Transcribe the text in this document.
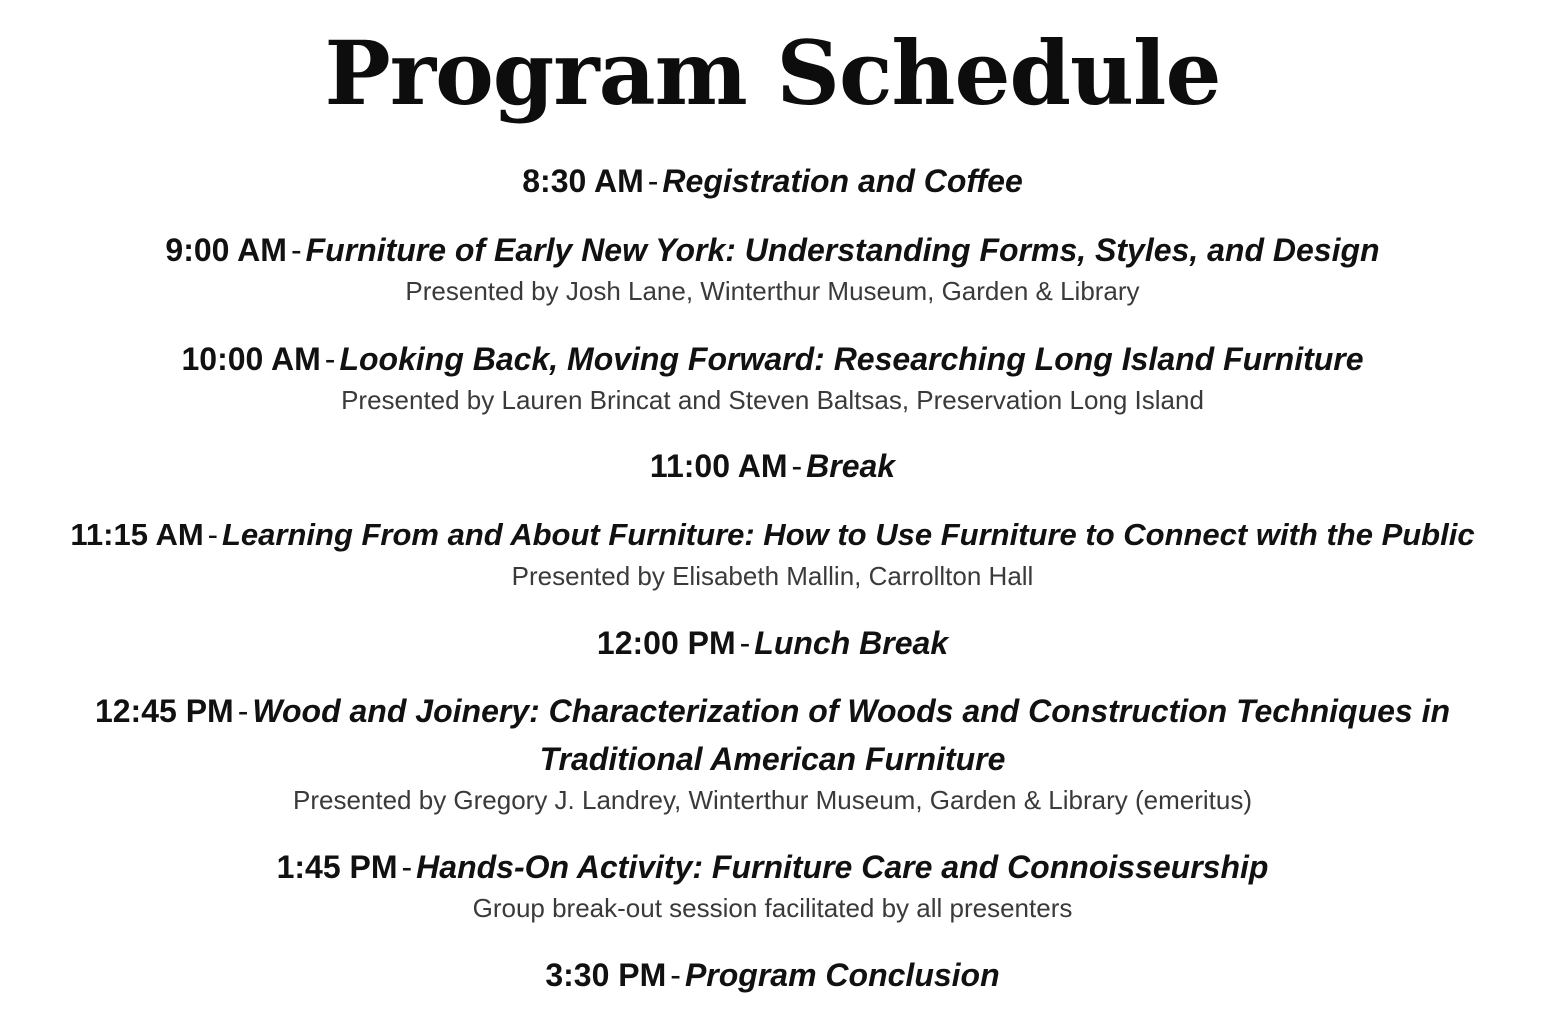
Program Schedule
8:30 AM - Registration and Coffee
9:00 AM - Furniture of Early New York: Understanding Forms, Styles, and Design
Presented by Josh Lane, Winterthur Museum, Garden & Library
10:00 AM - Looking Back, Moving Forward: Researching Long Island Furniture
Presented by Lauren Brincat and Steven Baltsas, Preservation Long Island
11:00 AM - Break
11:15 AM - Learning From and About Furniture: How to Use Furniture to Connect with the Public
Presented by Elisabeth Mallin, Carrollton Hall
12:00 PM - Lunch Break
12:45 PM - Wood and Joinery: Characterization of Woods and Construction Techniques in Traditional American Furniture
Presented by Gregory J. Landrey, Winterthur Museum, Garden & Library (emeritus)
1:45 PM - Hands-On Activity: Furniture Care and Connoisseurship
Group break-out session facilitated by all presenters
3:30 PM - Program Conclusion
